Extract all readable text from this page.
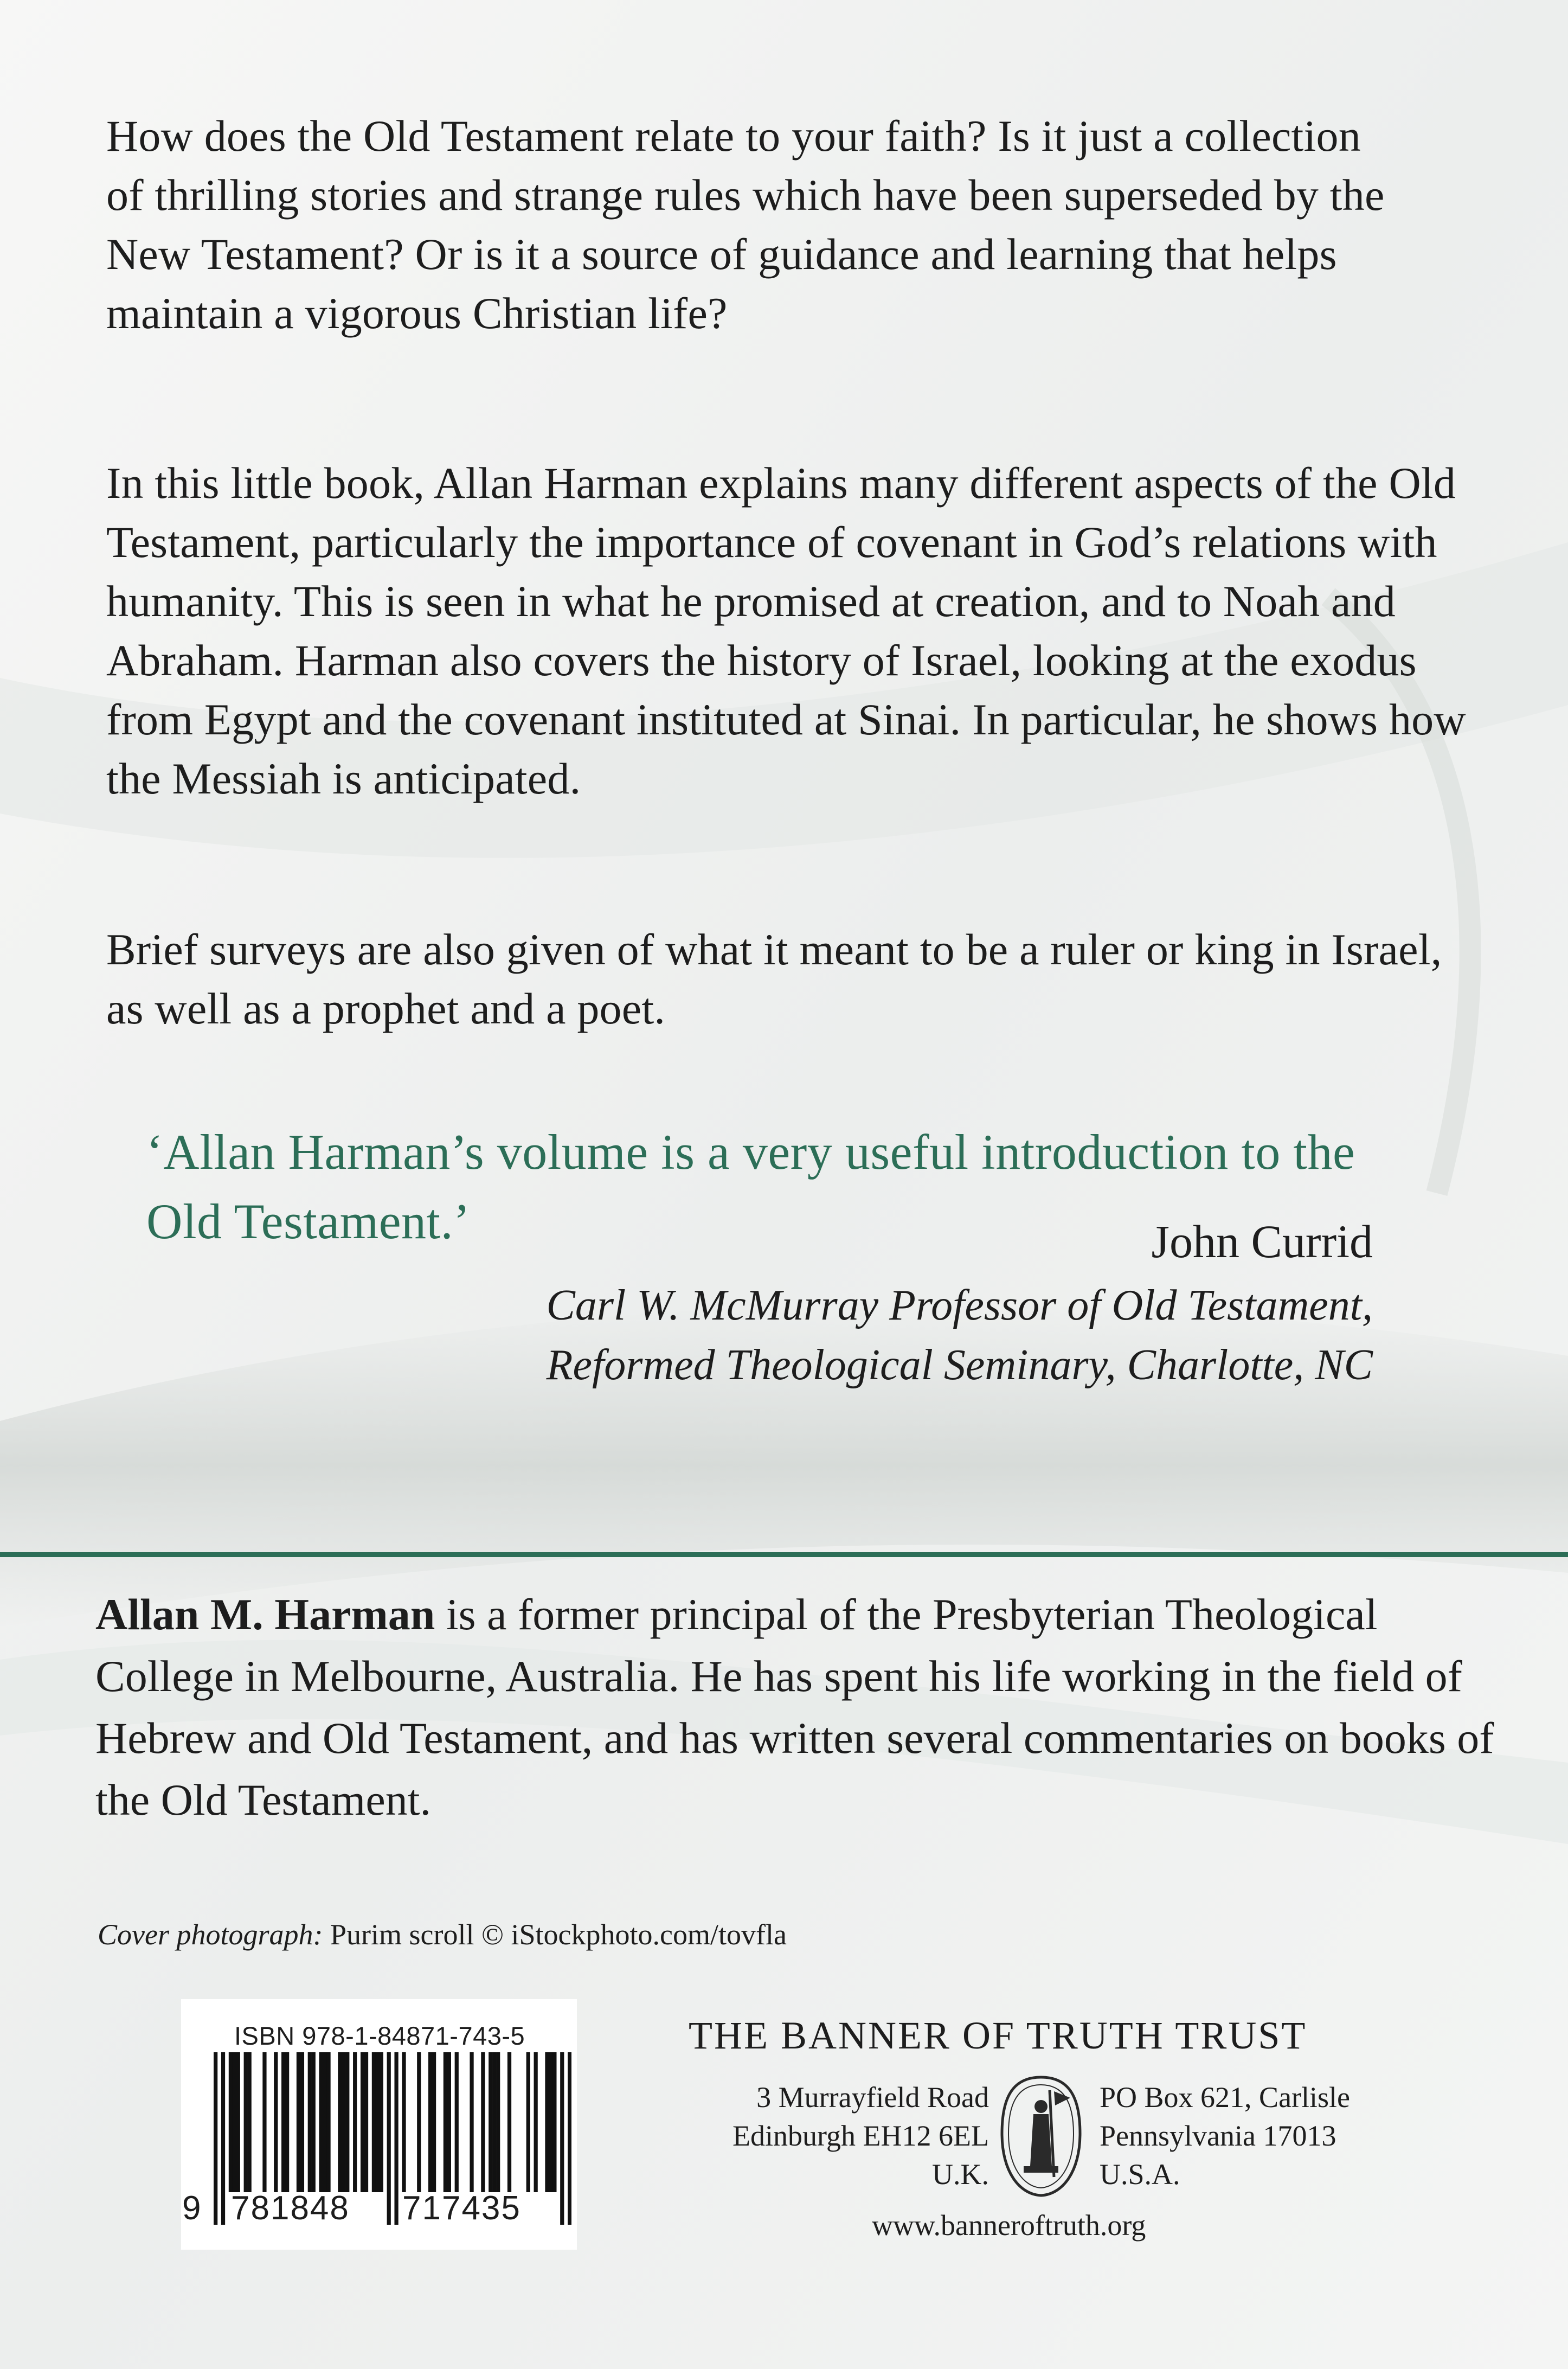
How does the Old Testament relate to your faith? Is it just a collection of thrilling stories and strange rules which have been superseded by the New Testament? Or is it a source of guidance and learning that helps maintain a vigorous Christian life?

In this little book, Allan Harman explains many different aspects of the Old Testament, particularly the importance of covenant in God’s relations with humanity. This is seen in what he promised at creation, and to Noah and Abraham. Harman also covers the history of Israel, looking at the exodus from Egypt and the covenant instituted at Sinai. In particular, he shows how the Messiah is anticipated.

Brief surveys are also given of what it meant to be a ruler or king in Israel, as well as a prophet and a poet.

‘Allan Harman’s volume is a very useful introduction to the Old Testament.’	John Currid

Carl W. McMurray Professor of Old Testament,
Reformed Theological Seminary, Charlotte, NC

Allan M. Harman is a former principal of the Presbyterian Theological College in Melbourne, Australia. He has spent his life working in the field of Hebrew and Old Testament, and has written several commentaries on books of the Old Testament.

Cover photograph: Purim scroll © iStockphoto.com/tovfla

ISBN 978-1-84871-743-5

9 781848 717435

THE BANNER OF TRUTH TRUST

3 Murrayfield Road
Edinburgh EH12 6EL
U.K.

PO Box 621, Carlisle
Pennsylvania 17013
U.S.A.

www.banneroftruth.org
